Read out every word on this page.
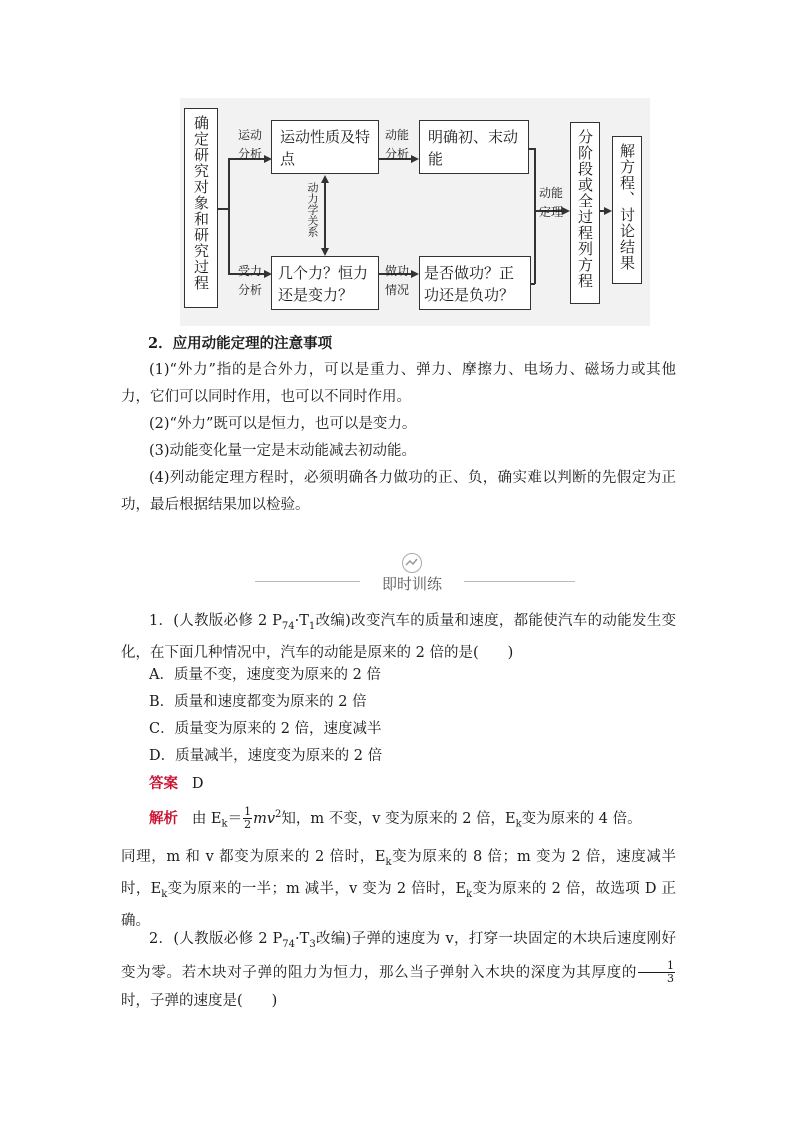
确定研究对象和研究过程	运动
分析
受力
分析
运动性质及特点
几个力？恒力还是变力？
动力学关系
动能
分析
做功
情况
明确初、末动能
是否做功？正功还是负功？
动能
定理 分阶段或全过程列方程	解方程、讨论结果
2．应用动能定理的注意事项
(1)“外力”指的是合外力，可以是重力、弹力、摩擦力、电场力、磁场力或其他力，它们可以同时作用，也可以不同时作用。
(2)“外力”既可以是恒力，也可以是变力。
(3)动能变化量一定是末动能减去初动能。
(4)列动能定理方程时，必须明确各力做功的正、负，确实难以判断的先假定为正功，最后根据结果加以检验。
即时训练
1．(人教版必修 2 $P_{74}\cdot T_1$改编)改变汽车的质量和速度，都能使汽车的动能发生变化，在下面几种情况中，汽车的动能是原来的 2 倍的是(　　)
A．质量不变，速度变为原来的 2 倍
B．质量和速度都变为原来的 2 倍
C．质量变为原来的 2 倍，速度减半
D．质量减半，速度变为原来的 2 倍
答案 D
解析 由 $E_k= \frac{1}{2} mv^2$知，m 不变，v 变为原来的 2 倍，$E_k$变为原来的 4 倍。
同理，m 和 v 都变为原来的 2 倍时，$E_k$变为原来的 8 倍；m 变为 2 倍，速度减半时，$E_k$变为原来的一半；m 减半，v 变为 2 倍时，$E_k$变为原来的 2 倍，故选项 D 正确。
2．(人教版必修 2 $P_{74}\cdot T_3$改编)子弹的速度为 v，打穿一块固定的木块后速度刚好变为零。若木块对子弹的阻力为恒力，那么当子弹射入木块的深度为其厚度的 $\frac{1}{3}$
时，子弹的速度是(　　)
